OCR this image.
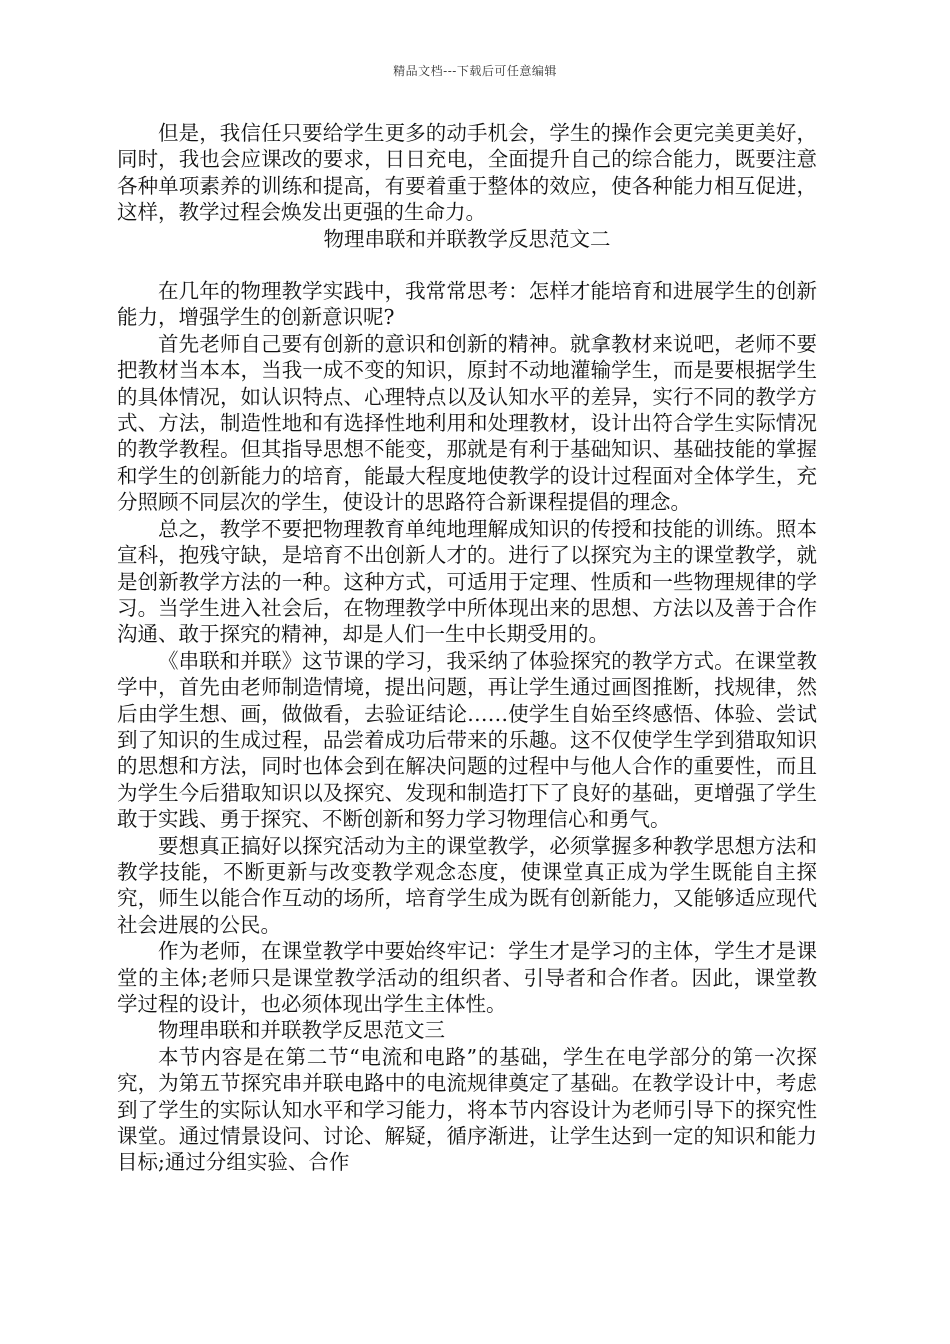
精品文档---下载后可任意编辑

但是，我信任只要给学生更多的动手机会，学生的操作会更完美更美好，同时，我也会应课改的要求，日日充电，全面提升自己的综合能力，既要注意各种单项素养的训练和提高，有要着重于整体的效应，使各种能力相互促进，这样，教学过程会焕发出更强的生命力。

物理串联和并联教学反思范文二

在几年的物理教学实践中，我常常思考：怎样才能培育和进展学生的创新能力，增强学生的创新意识呢?

首先老师自己要有创新的意识和创新的精神。就拿教材来说吧，老师不要把教材当本本，当我一成不变的知识，原封不动地灌输学生，而是要根据学生的具体情况，如认识特点、心理特点以及认知水平的差异，实行不同的教学方式、方法，制造性地和有选择性地利用和处理教材，设计出符合学生实际情况的教学教程。但其指导思想不能变，那就是有利于基础知识、基础技能的掌握和学生的创新能力的培育，能最大程度地使教学的设计过程面对全体学生，充分照顾不同层次的学生，使设计的思路符合新课程提倡的理念。

总之，教学不要把物理教育单纯地理解成知识的传授和技能的训练。照本宣科，抱残守缺，是培育不出创新人才的。进行了以探究为主的课堂教学，就是创新教学方法的一种。这种方式，可适用于定理、性质和一些物理规律的学习。当学生进入社会后，在物理教学中所体现出来的思想、方法以及善于合作沟通、敢于探究的精神，却是人们一生中长期受用的。

《串联和并联》这节课的学习，我采纳了体验探究的教学方式。在课堂教学中，首先由老师制造情境，提出问题，再让学生通过画图推断，找规律，然后由学生想、画，做做看，去验证结论……使学生自始至终感悟、体验、尝试到了知识的生成过程，品尝着成功后带来的乐趣。这不仅使学生学到猎取知识的思想和方法，同时也体会到在解决问题的过程中与他人合作的重要性，而且为学生今后猎取知识以及探究、发现和制造打下了良好的基础，更增强了学生敢于实践、勇于探究、不断创新和努力学习物理信心和勇气。

要想真正搞好以探究活动为主的课堂教学，必须掌握多种教学思想方法和教学技能，不断更新与改变教学观念态度，使课堂真正成为学生既能自主探究，师生以能合作互动的场所，培育学生成为既有创新能力，又能够适应现代社会进展的公民。

作为老师，在课堂教学中要始终牢记：学生才是学习的主体，学生才是课堂的主体;老师只是课堂教学活动的组织者、引导者和合作者。因此，课堂教学过程的设计，也必须体现出学生主体性。

物理串联和并联教学反思范文三

本节内容是在第二节“电流和电路”的基础，学生在电学部分的第一次探究，为第五节探究串并联电路中的电流规律奠定了基础。在教学设计中，考虑到了学生的实际认知水平和学习能力，将本节内容设计为老师引导下的探究性课堂。通过情景设问、讨论、解疑，循序渐进，让学生达到一定的知识和能力目标;通过分组实验、合作
